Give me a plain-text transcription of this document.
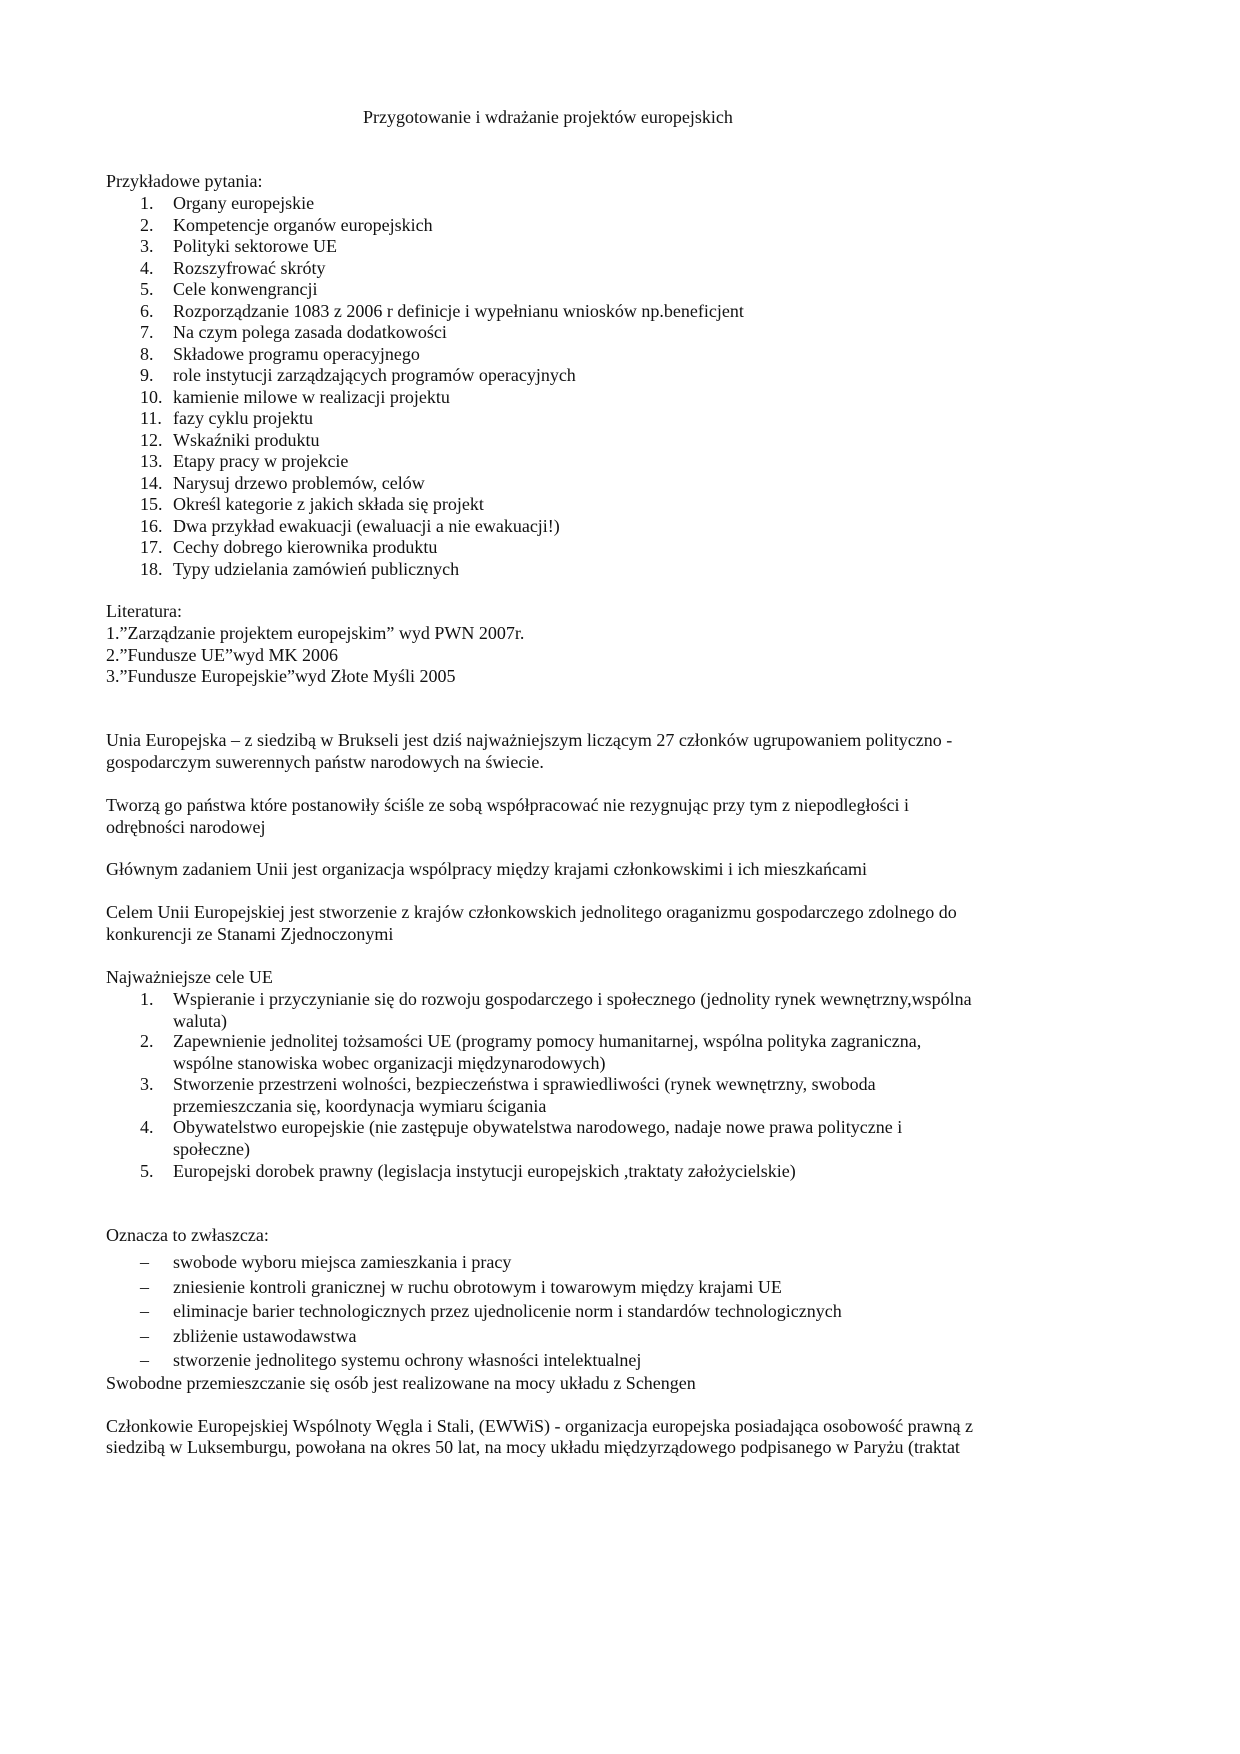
Przygotowanie i wdrażanie projektów europejskich
Przykładowe pytania:
1. Organy europejskie
2. Kompetencje organów europejskich
3. Polityki sektorowe UE
4. Rozszyfrować skróty
5. Cele konwengrancji
6. Rozporządzanie 1083 z 2006 r definicje i wypełnianu wniosków np.beneficjent
7. Na czym polega zasada dodatkowości
8. Składowe programu operacyjnego
9. role instytucji zarządzających programów operacyjnych
10. kamienie milowe w realizacji projektu
11. fazy cyklu projektu
12. Wskaźniki produktu
13. Etapy pracy w projekcie
14. Narysuj drzewo problemów, celów
15. Określ kategorie z jakich składa się projekt
16. Dwa przykład ewakuacji (ewaluacji a nie ewakuacji!)
17. Cechy dobrego kierownika produktu
18. Typy udzielania zamówień publicznych
Literatura:
1.”Zarządzanie projektem europejskim” wyd PWN 2007r.
2.”Fundusze UE”wyd MK 2006
3.”Fundusze Europejskie”wyd Złote Myśli 2005
Unia Europejska – z siedzibą w Brukseli jest dziś najważniejszym liczącym 27 członków ugrupowaniem polityczno -
gospodarczym suwerennych państw narodowych na świecie.
Tworzą go państwa które postanowiły ściśle ze sobą współpracować nie rezygnując przy tym z niepodległości i
odrębności narodowej
Głównym zadaniem Unii jest organizacja wspólpracy między krajami członkowskimi i ich mieszkańcami
Celem Unii Europejskiej jest stworzenie z krajów członkowskich jednolitego oraganizmu gospodarczego zdolnego do
konkurencji ze Stanami Zjednoczonymi
Najważniejsze cele UE
1. Wspieranie i przyczynianie się do rozwoju gospodarczego i społecznego (jednolity rynek wewnętrzny,wspólna
waluta)
2. Zapewnienie jednolitej tożsamości UE (programy pomocy humanitarnej, wspólna polityka zagraniczna,
wspólne stanowiska wobec organizacji międzynarodowych)
3. Stworzenie przestrzeni wolności, bezpieczeństwa i sprawiedliwości (rynek wewnętrzny, swoboda
przemieszczania się, koordynacja wymiaru ścigania
4. Obywatelstwo europejskie (nie zastępuje obywatelstwa narodowego, nadaje nowe prawa polityczne i
społeczne)
5. Europejski dorobek prawny (legislacja instytucji europejskich ,traktaty założycielskie)
Oznacza to zwłaszcza:
– swobode wyboru miejsca zamieszkania i pracy
– zniesienie kontroli granicznej w ruchu obrotowym i towarowym między krajami UE
– eliminacje barier technologicznych przez ujednolicenie norm i standardów technologicznych
– zbliżenie ustawodawstwa
– stworzenie jednolitego systemu ochrony własności intelektualnej
Swobodne przemieszczanie się osób jest realizowane na mocy układu z Schengen
Członkowie Europejskiej Wspólnoty Węgla i Stali, (EWWiS) - organizacja europejska posiadająca osobowość prawną z
siedzibą w Luksemburgu, powołana na okres 50 lat, na mocy układu międzyrządowego podpisanego w Paryżu (traktat
